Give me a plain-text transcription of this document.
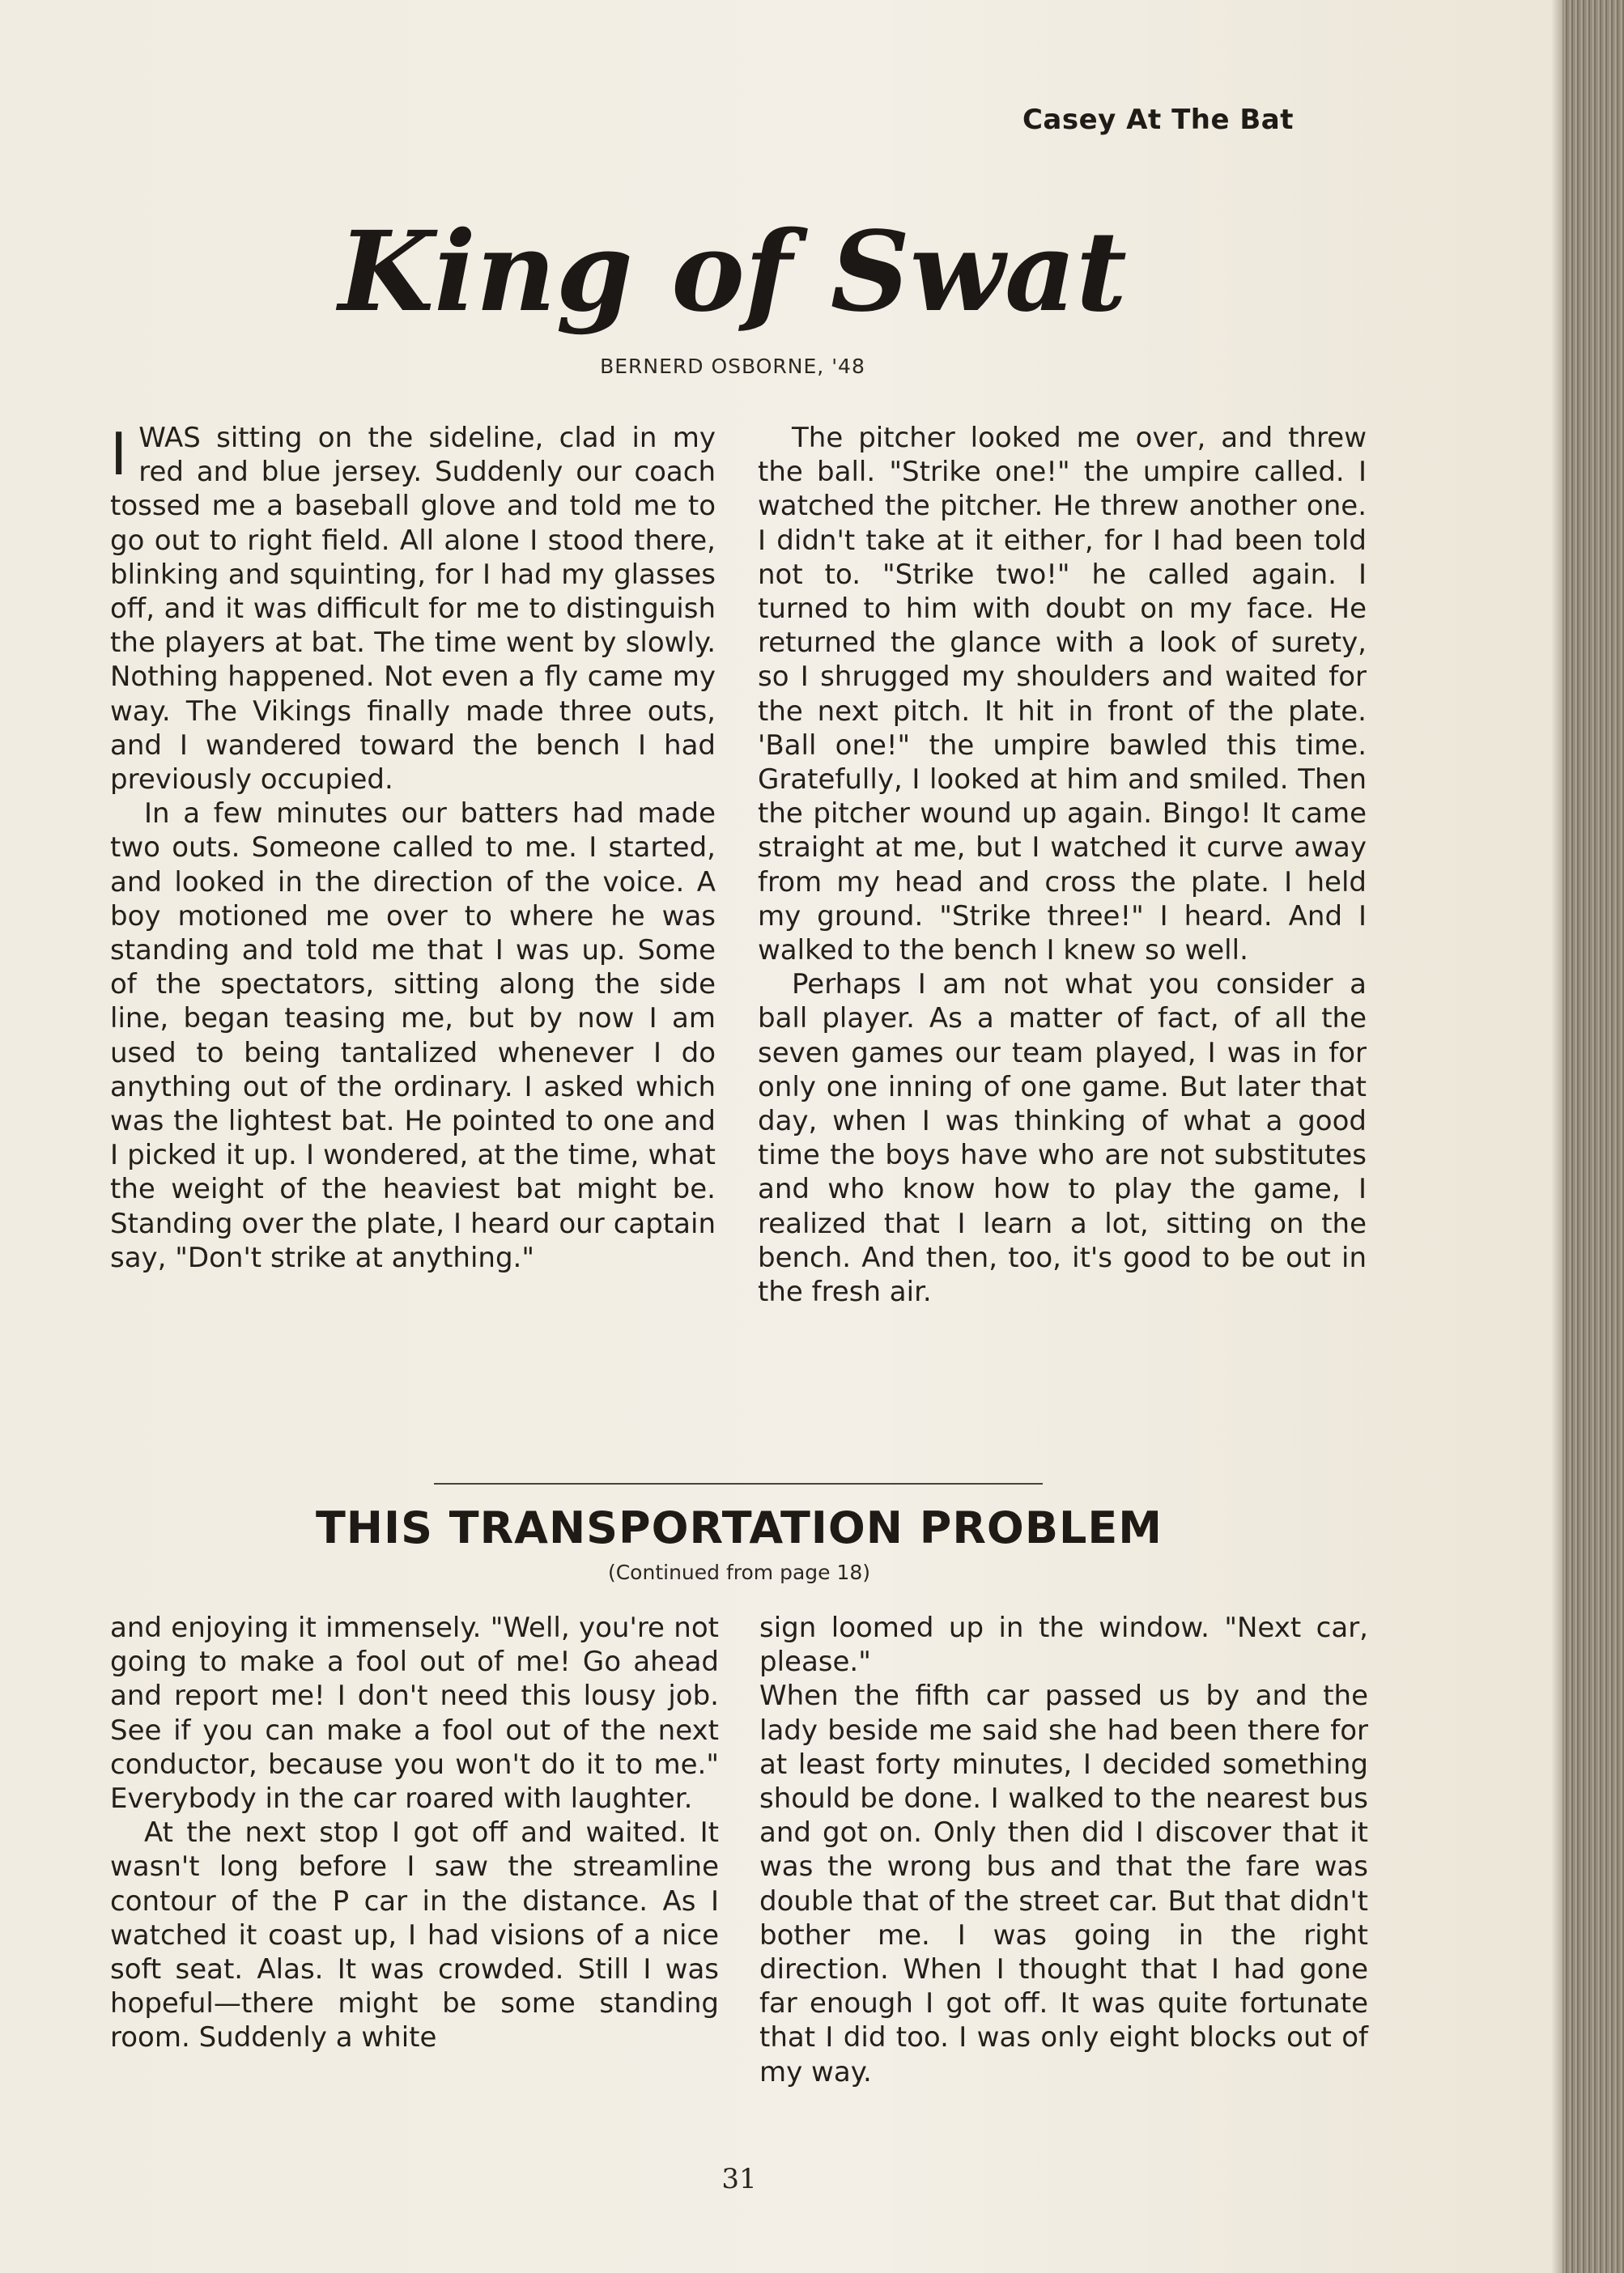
Casey At The Bat
King of Swat
BERNERD OSBORNE, '48

I WAS sitting on the sideline, clad in my red and blue jersey. Suddenly our coach tossed me a baseball glove and told me to go out to right field. All alone I stood there, blinking and squinting, for I had my glasses off, and it was difficult for me to distinguish the players at bat. The time went by slowly. Nothing happened. Not even a fly came my way. The Vikings finally made three outs, and I wandered toward the bench I had previously occupied.

In a few minutes our batters had made two outs. Someone called to me. I started, and looked in the direction of the voice. A boy motioned me over to where he was standing and told me that I was up. Some of the spectators, sitting along the side line, began teasing me, but by now I am used to being tantalized whenever I do anything out of the ordinary. I asked which was the lightest bat. He pointed to one and I picked it up. I wondered, at the time, what the weight of the heaviest bat might be. Standing over the plate, I heard our captain say, "Don't strike at anything."

The pitcher looked me over, and threw the ball. "Strike one!" the umpire called. I watched the pitcher. He threw another one. I didn't take at it either, for I had been told not to. "Strike two!" he called again. I turned to him with doubt on my face. He returned the glance with a look of surety, so I shrugged my shoulders and waited for the next pitch. It hit in front of the plate. 'Ball one!" the umpire bawled this time. Gratefully, I looked at him and smiled. Then the pitcher wound up again. Bingo! It came straight at me, but I watched it curve away from my head and cross the plate. I held my ground. "Strike three!" I heard. And I walked to the bench I knew so well.

Perhaps I am not what you consider a ball player. As a matter of fact, of all the seven games our team played, I was in for only one inning of one game. But later that day, when I was thinking of what a good time the boys have who are not substitutes and who know how to play the game, I realized that I learn a lot, sitting on the bench. And then, too, it's good to be out in the fresh air.

THIS TRANSPORTATION PROBLEM
(Continued from page 18)

and enjoying it immensely. "Well, you're not going to make a fool out of me! Go ahead and report me! I don't need this lousy job. See if you can make a fool out of the next conductor, because you won't do it to me." Everybody in the car roared with laughter.

At the next stop I got off and waited. It wasn't long before I saw the streamline contour of the P car in the distance. As I watched it coast up, I had visions of a nice soft seat. Alas. It was crowded. Still I was hopeful—there might be some standing room. Suddenly a white

sign loomed up in the window. "Next car, please."

When the fifth car passed us by and the lady beside me said she had been there for at least forty minutes, I decided something should be done. I walked to the nearest bus and got on. Only then did I discover that it was the wrong bus and that the fare was double that of the street car. But that didn't bother me. I was going in the right direction. When I thought that I had gone far enough I got off. It was quite fortunate that I did too. I was only eight blocks out of my way.

31
